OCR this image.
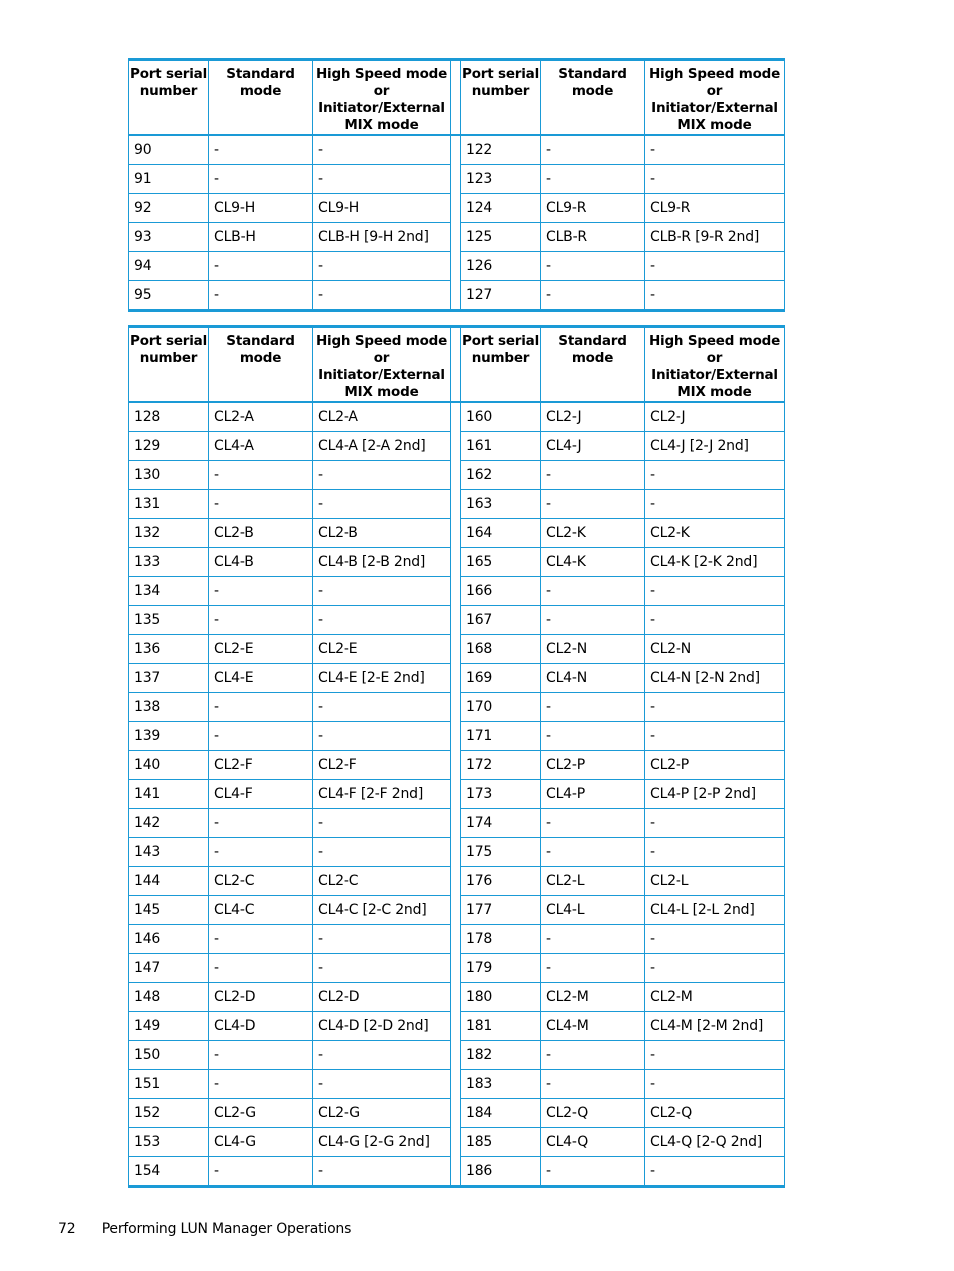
Port serial number	Standard mode	High Speed mode or Initiator/External MIX mode		Port serial number	Standard mode	High Speed mode or Initiator/External MIX mode
90	-	-		122	-	-
91	-	-		123	-	-
92	CL9-H	CL9-H		124	CL9-R	CL9-R
93	CLB-H	CLB-H [9-H 2nd]		125	CLB-R	CLB-R [9-R 2nd]
94	-	-		126	-	-
95	-	-		127	-	-
Port serial number	Standard mode	High Speed mode or Initiator/External MIX mode		Port serial number	Standard mode	High Speed mode or Initiator/External MIX mode
128	CL2-A	CL2-A		160	CL2-J	CL2-J
129	CL4-A	CL4-A [2-A 2nd]		161	CL4-J	CL4-J [2-J 2nd]
130	-	-		162	-	-
131	-	-		163	-	-
132	CL2-B	CL2-B		164	CL2-K	CL2-K
133	CL4-B	CL4-B [2-B 2nd]		165	CL4-K	CL4-K [2-K 2nd]
134	-	-		166	-	-
135	-	-		167	-	-
136	CL2-E	CL2-E		168	CL2-N	CL2-N
137	CL4-E	CL4-E [2-E 2nd]		169	CL4-N	CL4-N [2-N 2nd]
138	-	-		170	-	-
139	-	-		171	-	-
140	CL2-F	CL2-F		172	CL2-P	CL2-P
141	CL4-F	CL4-F [2-F 2nd]		173	CL4-P	CL4-P [2-P 2nd]
142	-	-		174	-	-
143	-	-		175	-	-
144	CL2-C	CL2-C		176	CL2-L	CL2-L
145	CL4-C	CL4-C [2-C 2nd]		177	CL4-L	CL4-L [2-L 2nd]
146	-	-		178	-	-
147	-	-		179	-	-
148	CL2-D	CL2-D		180	CL2-M	CL2-M
149	CL4-D	CL4-D [2-D 2nd]		181	CL4-M	CL4-M [2-M 2nd]
150	-	-		182	-	-
151	-	-		183	-	-
152	CL2-G	CL2-G		184	CL2-Q	CL2-Q
153	CL4-G	CL4-G [2-G 2nd]		185	CL4-Q	CL4-Q [2-Q 2nd]
154	-	-		186	-	-
72 Performing LUN Manager Operations
